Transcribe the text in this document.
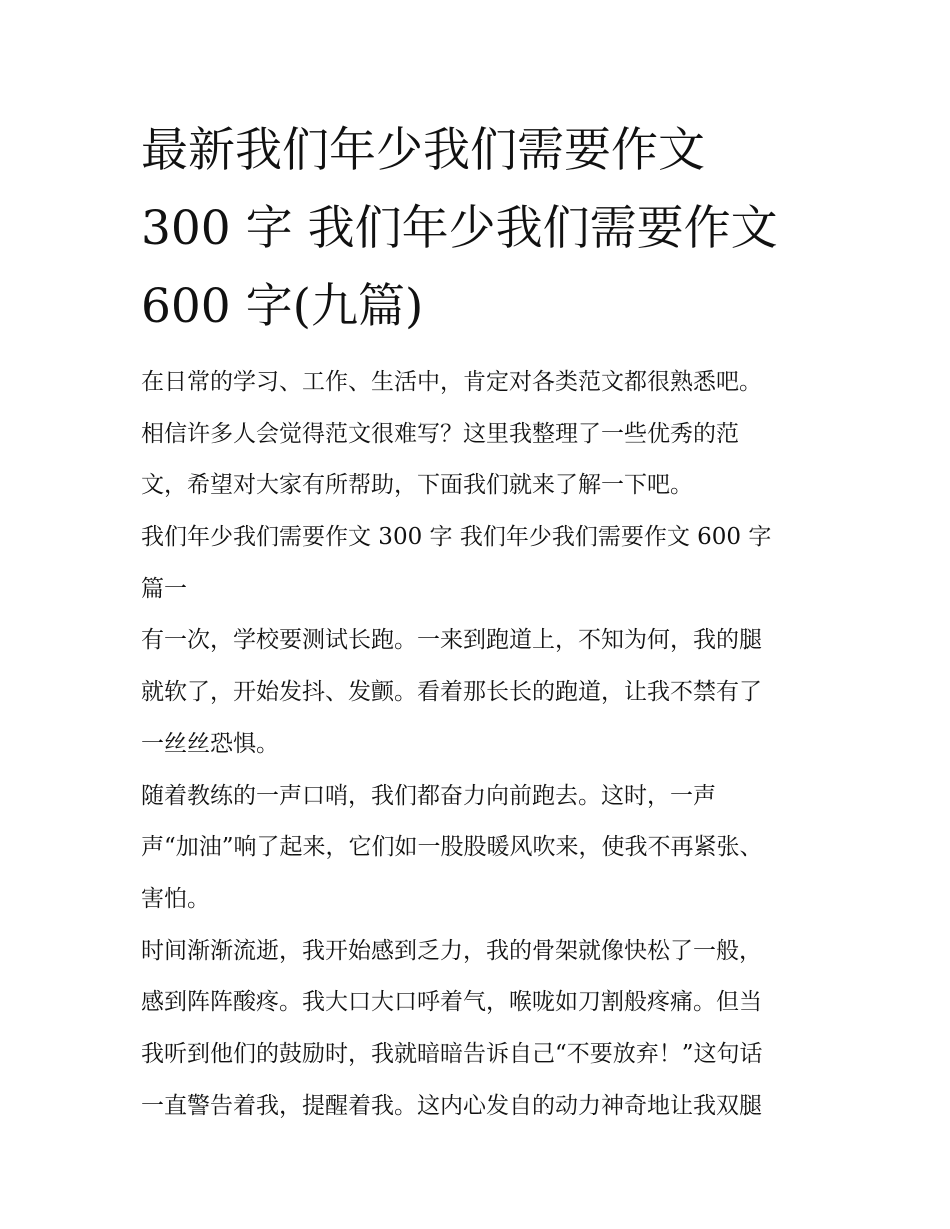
最新我们年少我们需要作文
300 字 我们年少我们需要作文
600 字(九篇)
在日常的学习、工作、生活中，肯定对各类范文都很熟悉吧。
相信许多人会觉得范文很难写？这里我整理了一些优秀的范
文，希望对大家有所帮助，下面我们就来了解一下吧。
我们年少我们需要作文 300 字 我们年少我们需要作文 600 字
篇一
有一次，学校要测试长跑。一来到跑道上，不知为何，我的腿
就软了，开始发抖、发颤。看着那长长的跑道，让我不禁有了
一丝丝恐惧。
随着教练的一声口哨，我们都奋力向前跑去。这时，一声
声“加油”响了起来，它们如一股股暖风吹来，使我不再紧张、
害怕。
时间渐渐流逝，我开始感到乏力，我的骨架就像快松了一般，
感到阵阵酸疼。我大口大口呼着气，喉咙如刀割般疼痛。但当
我听到他们的鼓励时，我就暗暗告诉自己“不要放弃！”这句话
一直警告着我，提醒着我。这内心发自的动力神奇地让我双腿
